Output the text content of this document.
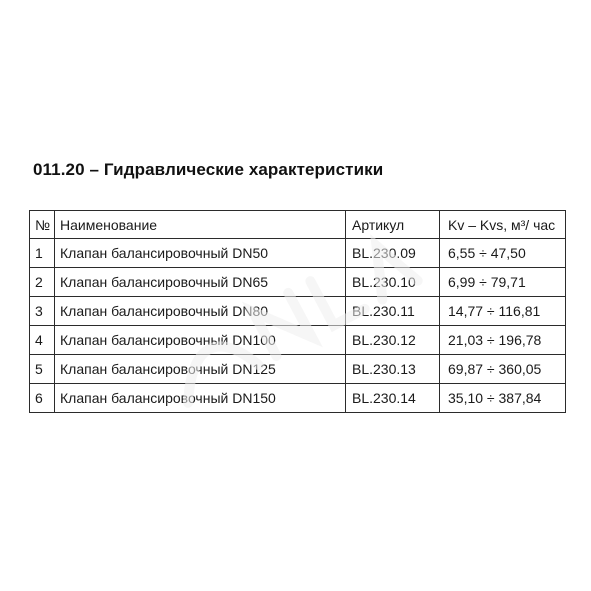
011.20 – Гидравлические характеристики
№	Наименование	Артикул	Kv – Kvs, м³/ час
1	Клапан балансировочный DN50	BL.230.09	6,55 ÷ 47,50
2	Клапан балансировочный DN65	BL.230.10	6,99 ÷ 79,71
3	Клапан балансировочный DN80	BL.230.11	14,77 ÷ 116,81
4	Клапан балансировочный DN100	BL.230.12	21,03 ÷ 196,78
5	Клапан балансировочный DN125	BL.230.13	69,87 ÷ 360,05
6	Клапан балансировочный DN150	BL.230.14	35,10 ÷ 387,84
